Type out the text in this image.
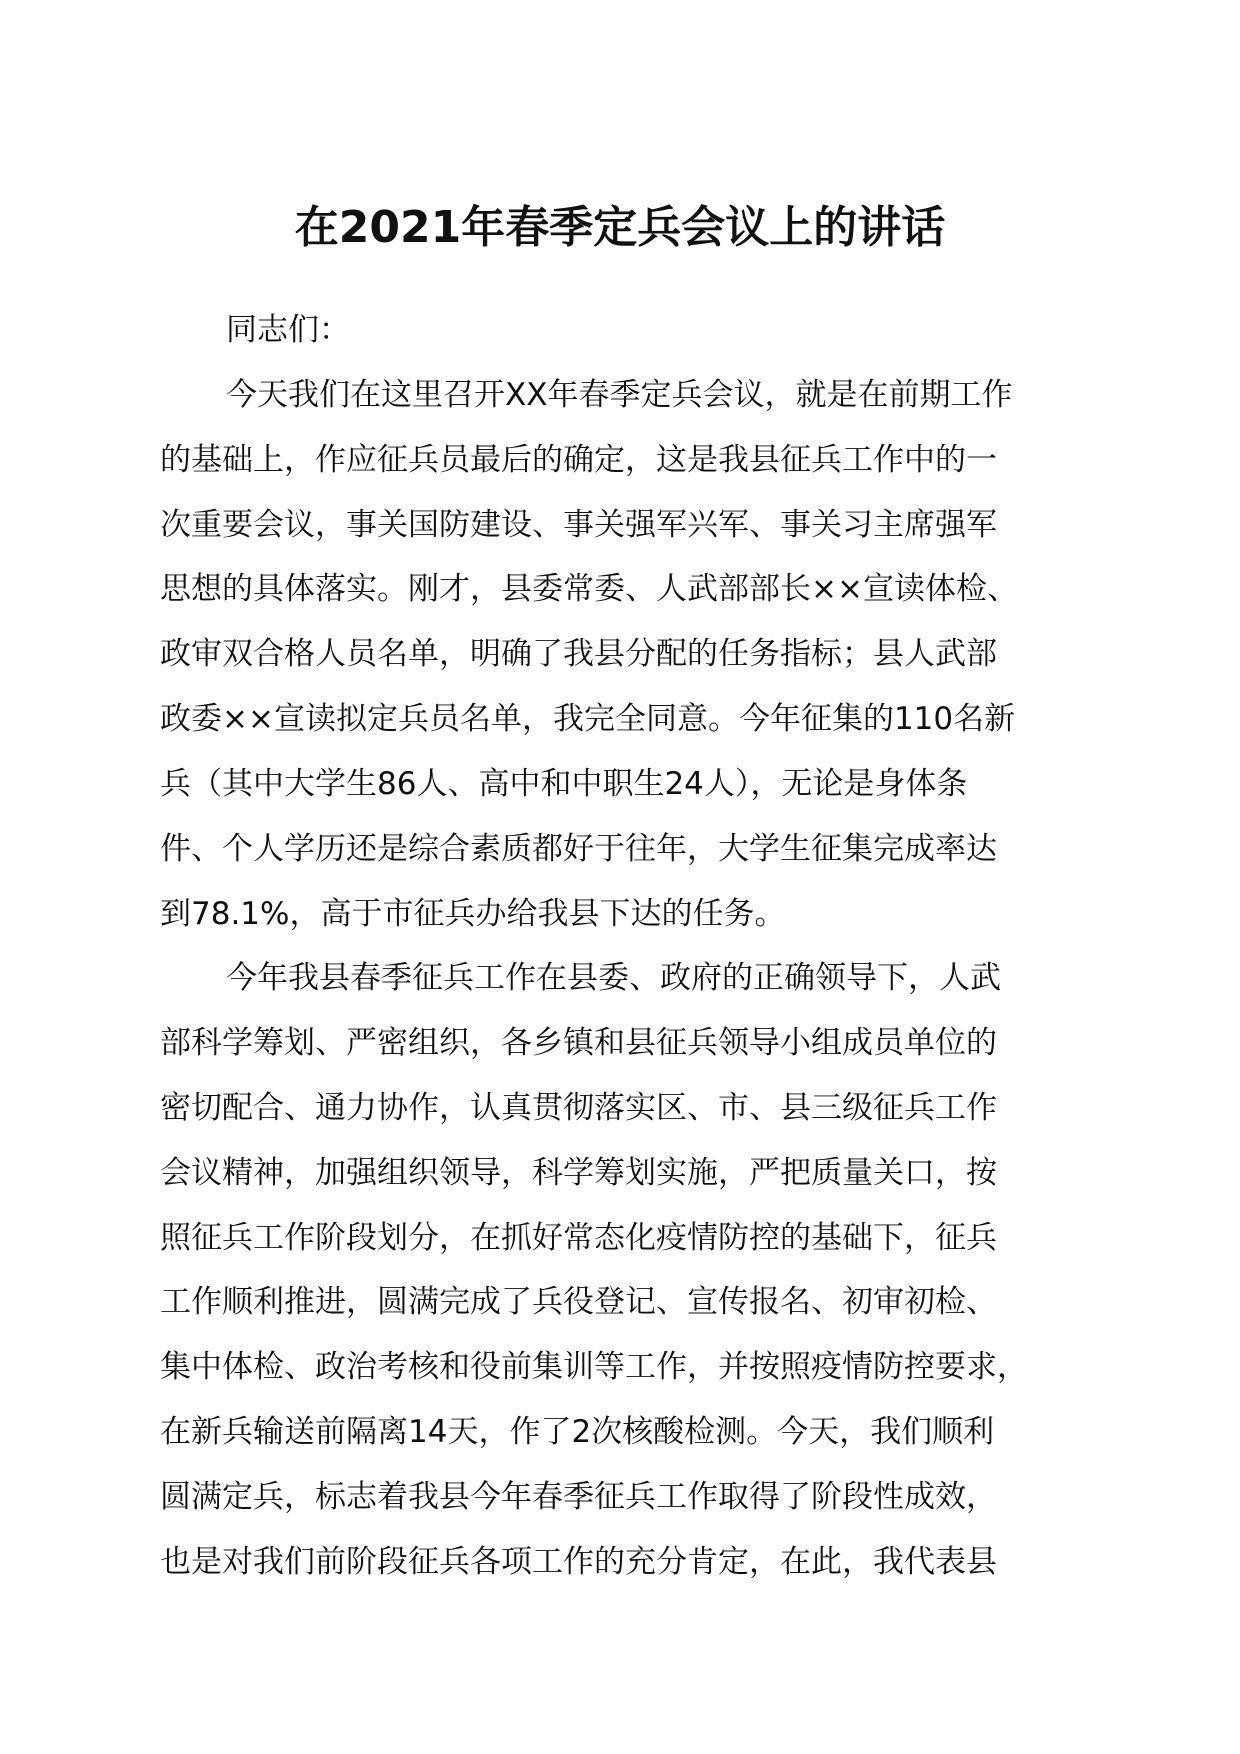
在2021年春季定兵会议上的讲话

同志们：

今天我们在这里召开XX年春季定兵会议，就是在前期工作

的基础上，作应征兵员最后的确定，这是我县征兵工作中的一

次重要会议，事关国防建设、事关强军兴军、事关习主席强军

思想的具体落实。刚才，县委常委、人武部部长××宣读体检、

政审双合格人员名单，明确了我县分配的任务指标；县人武部

政委××宣读拟定兵员名单，我完全同意。今年征集的110名新

兵（其中大学生86人、高中和中职生24人），无论是身体条

件、个人学历还是综合素质都好于往年，大学生征集完成率达

到78.1%，高于市征兵办给我县下达的任务。

今年我县春季征兵工作在县委、政府的正确领导下，人武

部科学筹划、严密组织，各乡镇和县征兵领导小组成员单位的

密切配合、通力协作，认真贯彻落实区、市、县三级征兵工作

会议精神，加强组织领导，科学筹划实施，严把质量关口，按

照征兵工作阶段划分，在抓好常态化疫情防控的基础下，征兵

工作顺利推进，圆满完成了兵役登记、宣传报名、初审初检、

集中体检、政治考核和役前集训等工作，并按照疫情防控要求，

在新兵输送前隔离14天，作了2次核酸检测。今天，我们顺利

圆满定兵，标志着我县今年春季征兵工作取得了阶段性成效，

也是对我们前阶段征兵各项工作的充分肯定，在此，我代表县
